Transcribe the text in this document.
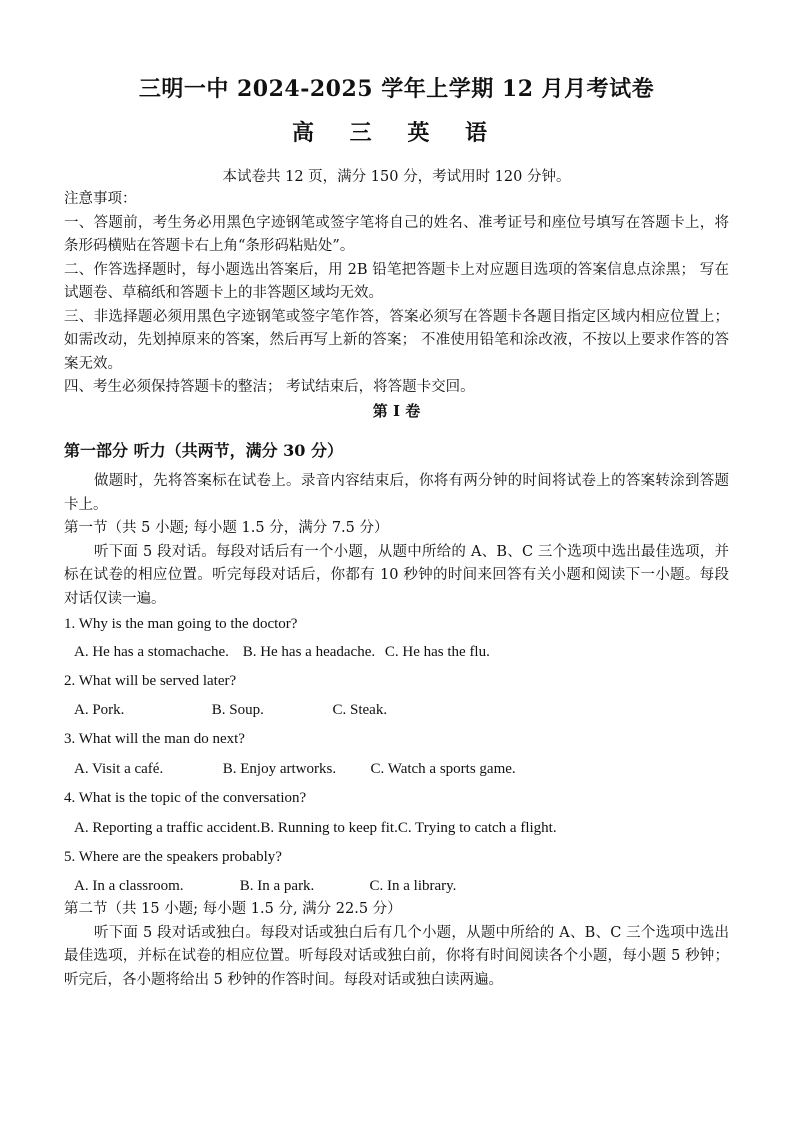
三明一中 2024-2025 学年上学期 12 月月考试卷
高 三 英 语
本试卷共 12 页，满分 150 分，考试用时 120 分钟。

注意事项：

一、答题前，考生务必用黑色字迹钢笔或签字笔将自己的姓名、准考证号和座位号填写在答题卡上，将条形码横贴在答题卡右上角“条形码粘贴处”。

二、作答选择题时，每小题选出答案后，用 2B 铅笔把答题卡上对应题目选项的答案信息点涂黑； 写在试题卷、草稿纸和答题卡上的非答题区域均无效。

三、非选择题必须用黑色字迹钢笔或签字笔作答，答案必须写在答题卡各题目指定区域内相应位置上； 如需改动，先划掉原来的答案，然后再写上新的答案； 不准使用铅笔和涂改液，不按以上要求作答的答案无效。

四、考生必须保持答题卡的整洁； 考试结束后，将答题卡交回。

第 I 卷
第一部分 听力（共两节，满分 30 分）

做题时，先将答案标在试卷上。录音内容结束后，你将有两分钟的时间将试卷上的答案转涂到答题卡上。

第一节（共 5 小题; 每小题 1.5 分，满分 7.5 分）

听下面 5 段对话。每段对话后有一个小题，从题中所给的 A、B、C 三个选项中选出最佳选项，并标在试卷的相应位置。听完每段对话后，你都有 10 秒钟的时间来回答有关小题和阅读下一小题。每段对话仅读一遍。

1. Why is the man going to the doctor?
A. He has a stomachache. B. He has a headache. C. He has the flu.
2. What will be served later?
A. Pork.	B. Soup.	C. Steak.
3. What will the man do next?
A. Visit a café.	B. Enjoy artworks. C. Watch a sports game.
4. What is the topic of the conversation?
A. Reporting a traffic accident.B. Running to keep fit.C. Trying to catch a flight.
5. Where are the speakers probably?
A. In a classroom.	B. In a park.	C. In a library.

第二节（共 15 小题; 每小题 1.5 分, 满分 22.5 分）

听下面 5 段对话或独白。每段对话或独白后有几个小题，从题中所给的 A、B、C 三个选项中选出最佳选项，并标在试卷的相应位置。听每段对话或独白前，你将有时间阅读各个小题，每小题 5 秒钟； 听完后，各小题将给出 5 秒钟的作答时间。每段对话或独白读两遍。
